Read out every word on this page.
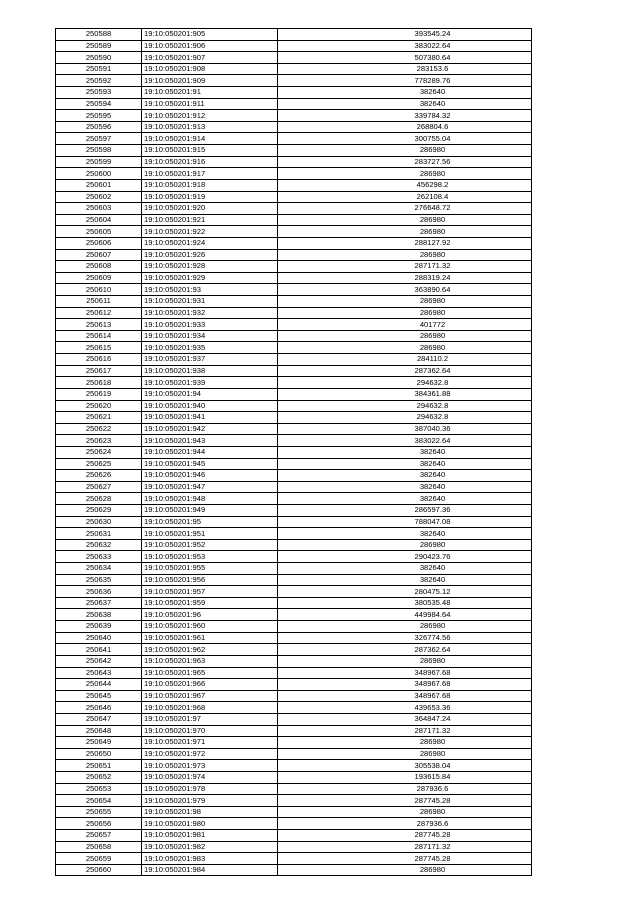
250588	19:10:050201:905	393545.24
250589	19:10:050201:906	383022.64
250590	19:10:050201:907	507380.64
250591	19:10:050201:908	283153.6
250592	19:10:050201:909	778289.76
250593	19:10:050201:91	382640
250594	19:10:050201:911	382640
250595	19:10:050201:912	339784.32
250596	19:10:050201:913	268804.6
250597	19:10:050201:914	300755.04
250598	19:10:050201:915	286980
250599	19:10:050201:916	283727.56
250600	19:10:050201:917	286980
250601	19:10:050201:918	456298.2
250602	19:10:050201:919	262108.4
250603	19:10:050201:920	276648.72
250604	19:10:050201:921	286980
250605	19:10:050201:922	286980
250606	19:10:050201:924	288127.92
250607	19:10:050201:926	286980
250608	19:10:050201:928	287171.32
250609	19:10:050201:929	288319.24
250610	19:10:050201:93	363890.64
250611	19:10:050201:931	286980
250612	19:10:050201:932	286980
250613	19:10:050201:933	401772
250614	19:10:050201:934	286980
250615	19:10:050201:935	286980
250616	19:10:050201:937	284110.2
250617	19:10:050201:938	287362.64
250618	19:10:050201:939	294632.8
250619	19:10:050201:94	384361.88
250620	19:10:050201:940	294632.8
250621	19:10:050201:941	294632.8
250622	19:10:050201:942	387040.36
250623	19:10:050201:943	383022.64
250624	19:10:050201:944	382640
250625	19:10:050201:945	382640
250626	19:10:050201:946	382640
250627	19:10:050201:947	382640
250628	19:10:050201:948	382640
250629	19:10:050201:949	286597.36
250630	19:10:050201:95	788047.08
250631	19:10:050201:951	382640
250632	19:10:050201:952	286980
250633	19:10:050201:953	290423.76
250634	19:10:050201:955	382640
250635	19:10:050201:956	382640
250636	19:10:050201:957	280475.12
250637	19:10:050201:959	380535.48
250638	19:10:050201:96	449984.64
250639	19:10:050201:960	286980
250640	19:10:050201:961	326774.56
250641	19:10:050201:962	287362.64
250642	19:10:050201:963	286980
250643	19:10:050201:965	348967.68
250644	19:10:050201:966	348967.68
250645	19:10:050201:967	348967.68
250646	19:10:050201:968	439653.36
250647	19:10:050201:97	364847.24
250648	19:10:050201:970	287171.32
250649	19:10:050201:971	286980
250650	19:10:050201:972	286980
250651	19:10:050201:973	305538.04
250652	19:10:050201:974	193615.84
250653	19:10:050201:978	287936.6
250654	19:10:050201:979	287745.28
250655	19:10:050201:98	286980
250656	19:10:050201:980	287936.6
250657	19:10:050201:981	287745.28
250658	19:10:050201:982	287171.32
250659	19:10:050201:983	287745.28
250660	19:10:050201:984	286980
